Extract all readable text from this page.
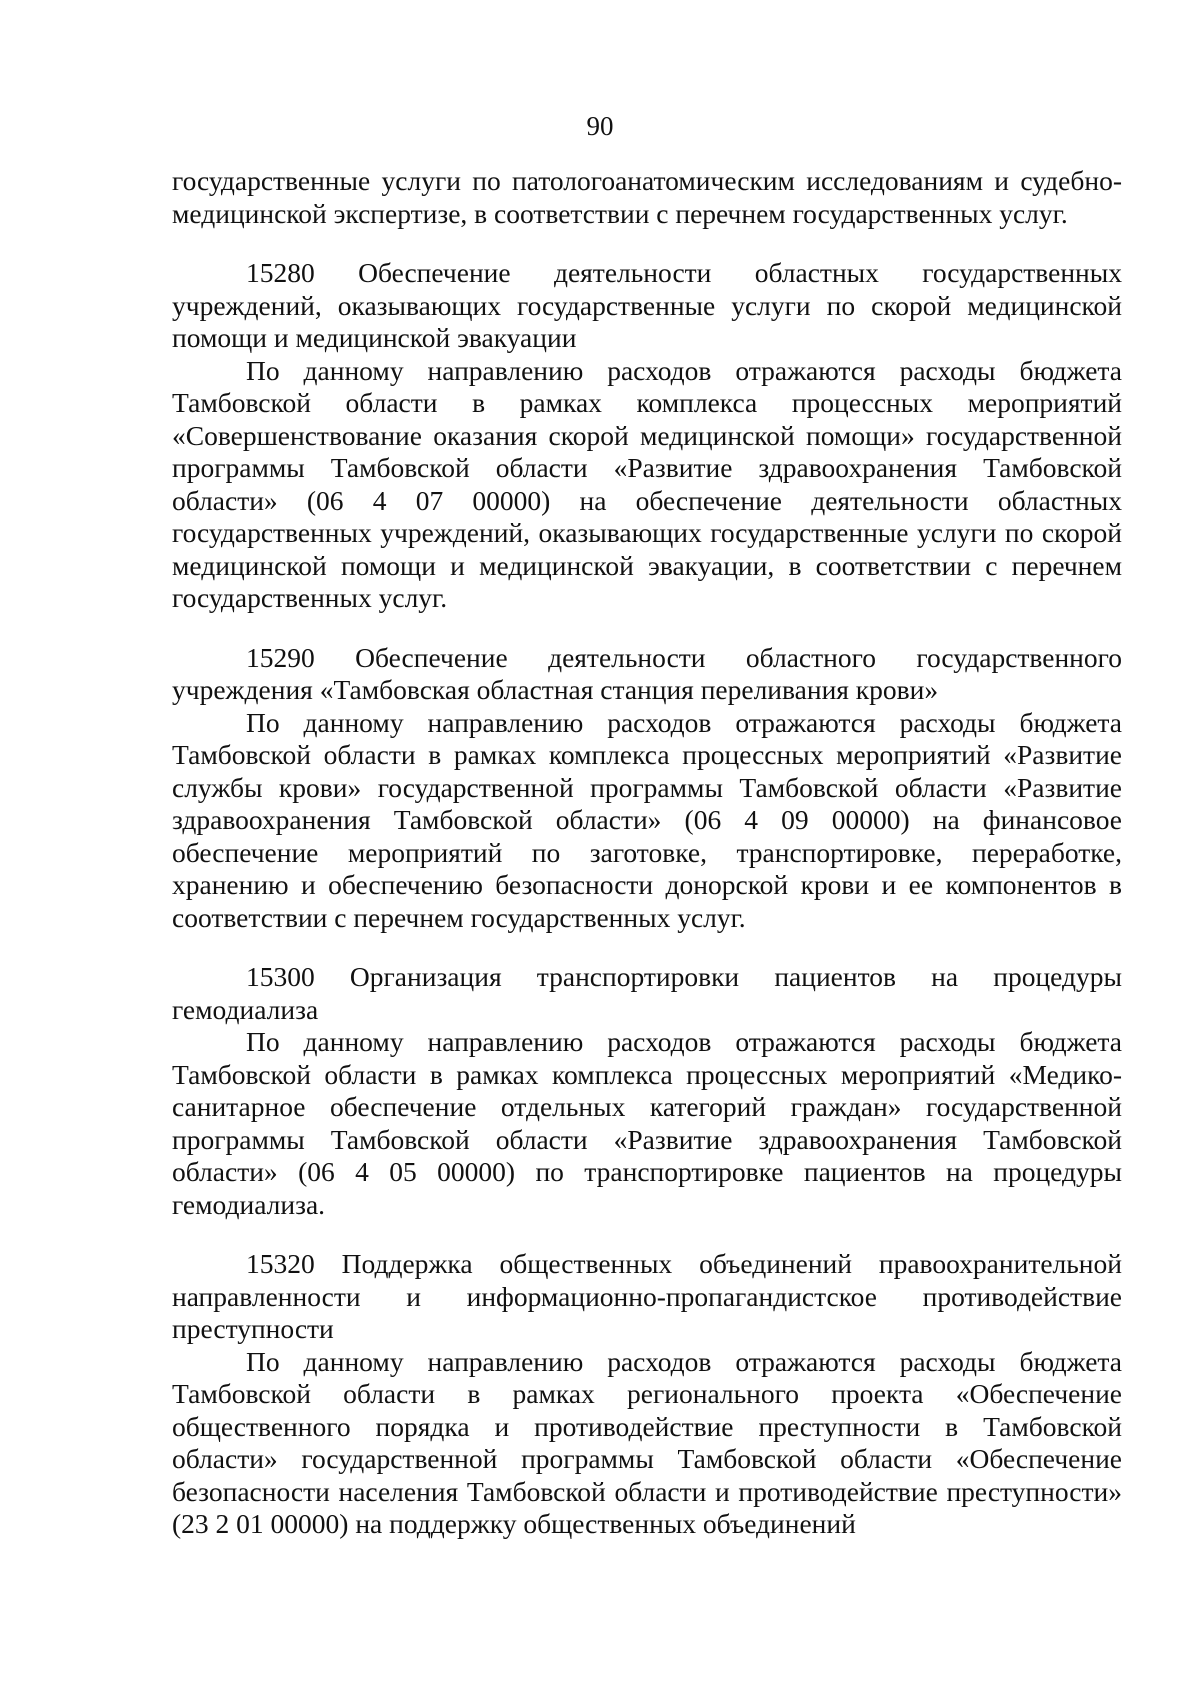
90

государственные услуги по патологоанатомическим исследованиям и судебно-медицинской экспертизе, в соответствии с перечнем государственных услуг.

15280 Обеспечение деятельности областных государственных учреждений, оказывающих государственные услуги по скорой медицинской помощи и медицинской эвакуации

По данному направлению расходов отражаются расходы бюджета Тамбовской области в рамках комплекса процессных мероприятий «Совершенствование оказания скорой медицинской помощи» государственной программы Тамбовской области «Развитие здравоохранения Тамбовской области» (06 4 07 00000) на обеспечение деятельности областных государственных учреждений, оказывающих государственные услуги по скорой медицинской помощи и медицинской эвакуации, в соответствии с перечнем государственных услуг.

15290 Обеспечение деятельности областного государственного учреждения «Тамбовская областная станция переливания крови»

По данному направлению расходов отражаются расходы бюджета Тамбовской области в рамках комплекса процессных мероприятий «Развитие службы крови» государственной программы Тамбовской области «Развитие здравоохранения Тамбовской области» (06 4 09 00000) на финансовое обеспечение мероприятий по заготовке, транспортировке, переработке, хранению и обеспечению безопасности донорской крови и ее компонентов в соответствии с перечнем государственных услуг.

15300 Организация транспортировки пациентов на процедуры гемодиализа

По данному направлению расходов отражаются расходы бюджета Тамбовской области в рамках комплекса процессных мероприятий «Медико-санитарное обеспечение отдельных категорий граждан» государственной программы Тамбовской области «Развитие здравоохранения Тамбовской области» (06 4 05 00000) по транспортировке пациентов на процедуры гемодиализа.

15320 Поддержка общественных объединений правоохранительной направленности и информационно-пропагандистское противодействие преступности

По данному направлению расходов отражаются расходы бюджета Тамбовской области в рамках регионального проекта «Обеспечение общественного порядка и противодействие преступности в Тамбовской области» государственной программы Тамбовской области «Обеспечение безопасности населения Тамбовской области и противодействие преступности» (23 2 01 00000) на поддержку общественных объединений
